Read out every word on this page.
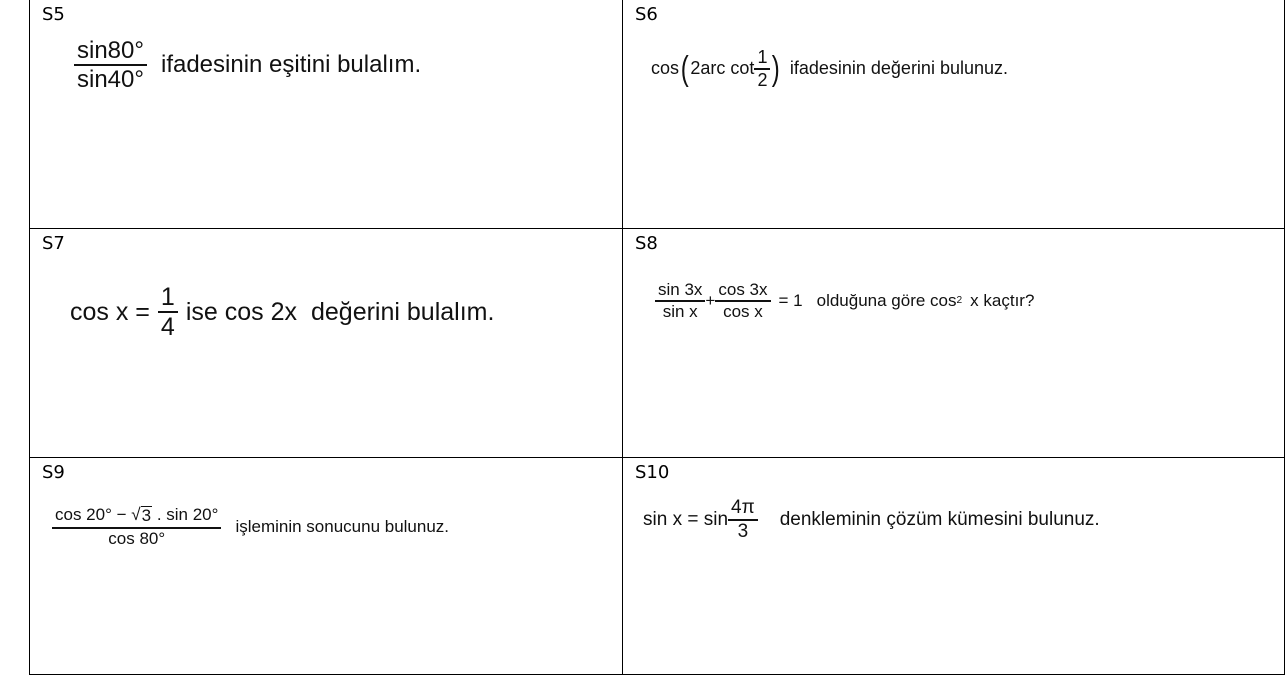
S5
$\frac{\sin 80^\circ}{\sin 40^\circ}$ ifadesinin eşitini bulalım.
S6
cos ( 2arc $\cot \frac{1}{2}$ ) ifadesinin değerini bulunuz.
S7
$\cos x = \frac{1}{4}$ ise cos 2x değerini bulalım.
S8
$\frac{\sin 3x}{\text{sin x}} + \frac{\cos 3x}{\text{cos x}} = 1$ olduğuna göre cos 2 x kaçtır?
S9
$\frac{\cos 20^\circ - √ 3 . \sin 20^\circ}{\cos 80^\circ}$ işleminin sonucunu bulunuz.
S10
$\sin x = \sin \frac{4\pi}{3}$ denkleminin çözüm kümesini bulunuz.
